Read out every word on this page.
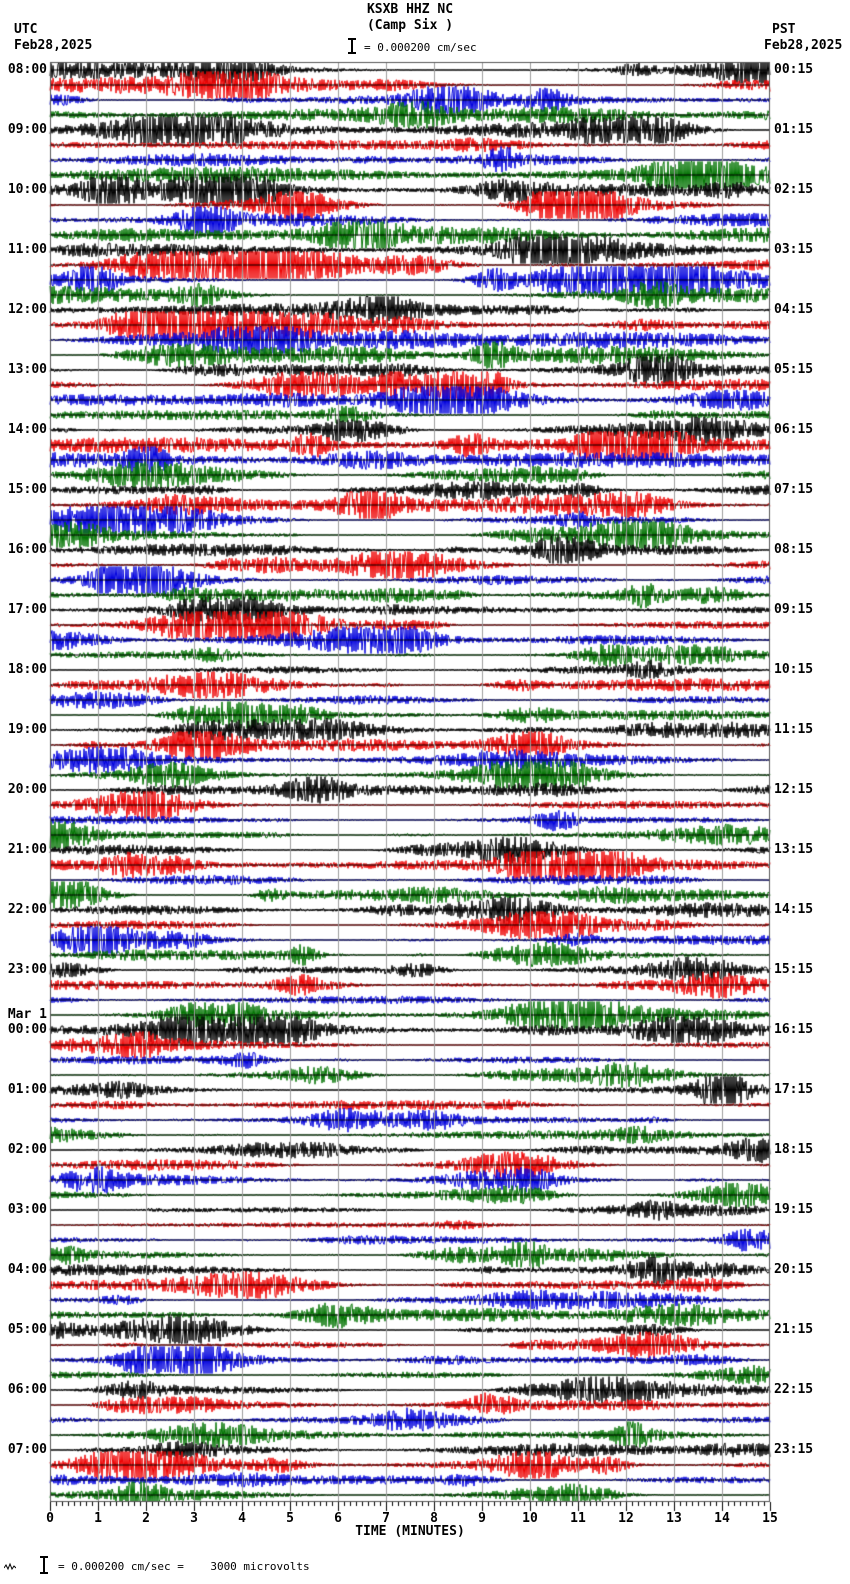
KSXB HHZ NC
(Camp Six )
UTC
Feb28,2025
PST
Feb28,2025
= 0.000200 cm/sec
08:00
09:00
10:00
11:00
12:00
13:00
14:00
15:00
16:00
17:00
18:00
19:00
20:00
21:00
22:00
23:00
00:00
Mar 1
01:00
02:00
03:00
04:00
05:00
06:00
07:00
00:15
01:15
02:15
03:15
04:15
05:15
06:15
07:15
08:15
09:15
10:15
11:15
12:15
13:15
14:15
15:15
16:15
17:15
18:15
19:15
20:15
21:15
22:15
23:15
0	1	2	3	4	5	6	7	8	9	10	11	12	13	14	15
TIME (MINUTES)
= 0.000200 cm/sec =    3000 microvolts
